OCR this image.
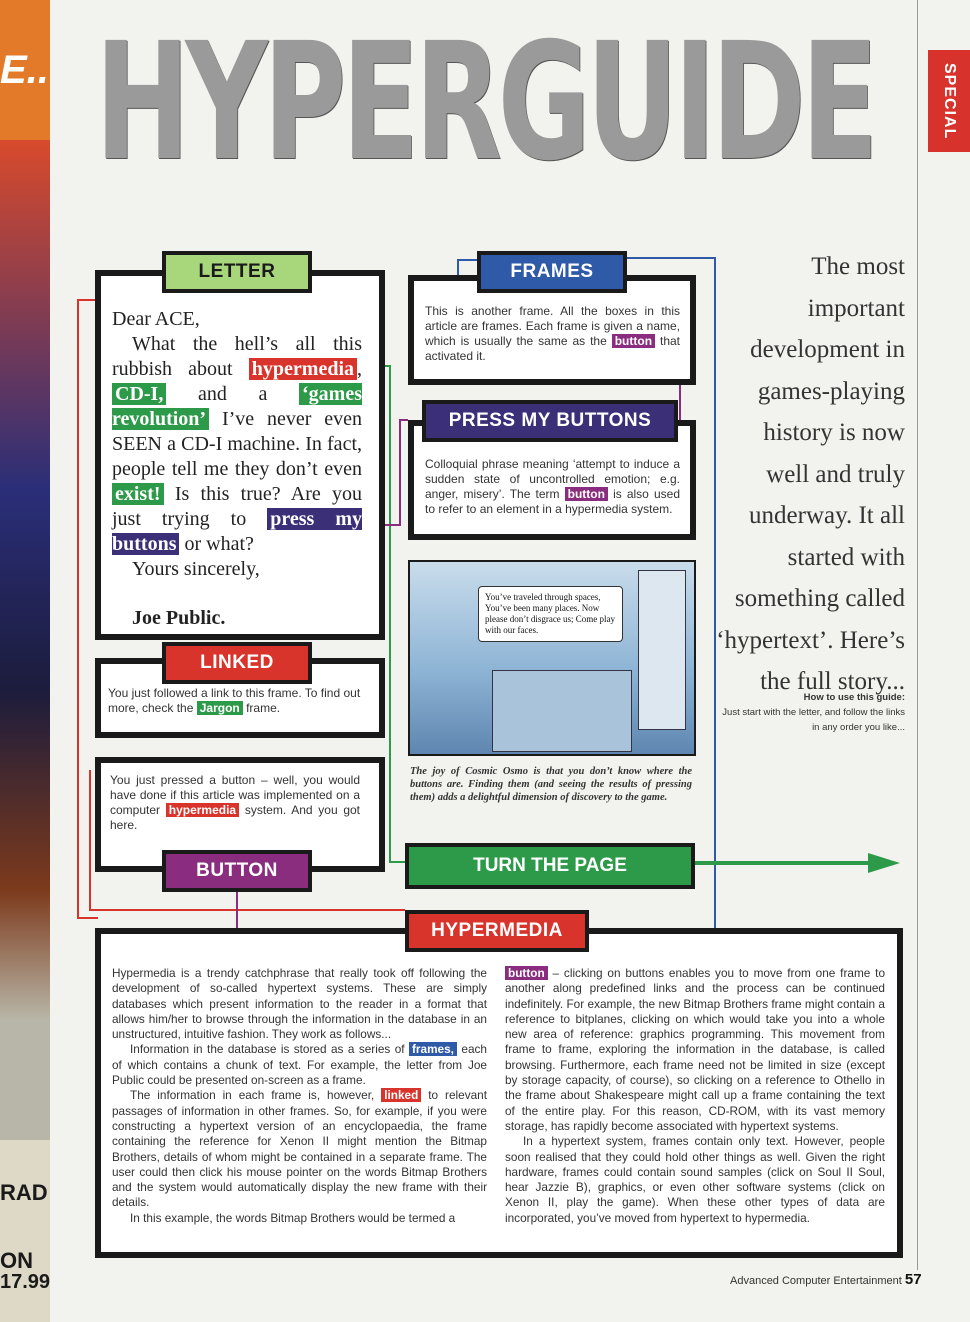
E..
RAD
ON
17.99
SPECIAL
HYPERGUIDE
LETTER
Dear ACE,
What the hell’s all this rubbish about hypermedia , CD-I, and a ‘games revolution’ I’ve never even SEEN a CD-I machine. In fact, people tell me they don’t even exist! Is this true? Are you just trying to press my buttons or what?
Yours sincerely,
Joe Public.
FRAMES
This is another frame. All the boxes in this article are frames. Each frame is given a name, which is usually the same as the button that activated it.
PRESS MY BUTTONS
Colloquial phrase meaning ‘attempt to induce a sudden state of uncontrolled emotion; e.g. anger, misery’. The term button is also used to refer to an element in a hypermedia system.
You’ve traveled through spaces, You’ve been many places. Now please don’t disgrace us; Come play with our faces.
The joy of Cosmic Osmo is that you don’t know where the buttons are. Finding them (and seeing the results of pressing them) adds a delightful dimension of discovery to the game.
LINKED
You just followed a link to this frame. To find out more, check the Jargon frame.
BUTTON
You just pressed a button – well, you would have done if this article was implemented on a computer hypermedia system. And you got here.
TURN THE PAGE
The most important development in games-playing history is now well and truly underway. It all started with something called ‘hypertext’. Here’s the full story...
How to use this guide:
Just start with the letter, and follow the links in any order you like...
HYPERMEDIA

Hypermedia is a trendy catchphrase that really took off following the development of so-called hypertext systems. These are simply databases which present information to the reader in a format that allows him/her to browse through the information in the database in an unstructured, intuitive fashion. They work as follows...

Information in the database is stored as a series of frames, each of which contains a chunk of text. For example, the letter from Joe Public could be presented on-screen as a frame.

The information in each frame is, however, linked to relevant passages of information in other frames. So, for example, if you were constructing a hypertext version of an encyclopaedia, the frame containing the reference for Xenon II might mention the Bitmap Brothers, details of whom might be contained in a separate frame. The user could then click his mouse pointer on the words Bitmap Brothers and the system would automatically display the new frame with their details.

In this example, the words Bitmap Brothers would be termed a

button – clicking on buttons enables you to move from one frame to another along predefined links and the process can be continued indefinitely. For example, the new Bitmap Brothers frame might contain a reference to bitplanes, clicking on which would take you into a whole new area of reference: graphics programming. This movement from frame to frame, exploring the information in the database, is called browsing. Furthermore, each frame need not be limited in size (except by storage capacity, of course), so clicking on a reference to Othello in the frame about Shakespeare might call up a frame containing the text of the entire play. For this reason, CD-ROM, with its vast memory storage, has rapidly become associated with hypertext systems.

In a hypertext system, frames contain only text. However, people soon realised that they could hold other things as well. Given the right hardware, frames could contain sound samples (click on Soul II Soul, hear Jazzie B), graphics, or even other software systems (click on Xenon II, play the game). When these other types of data are incorporated, you’ve moved from hypertext to hypermedia.

Advanced Computer Entertainment 57
